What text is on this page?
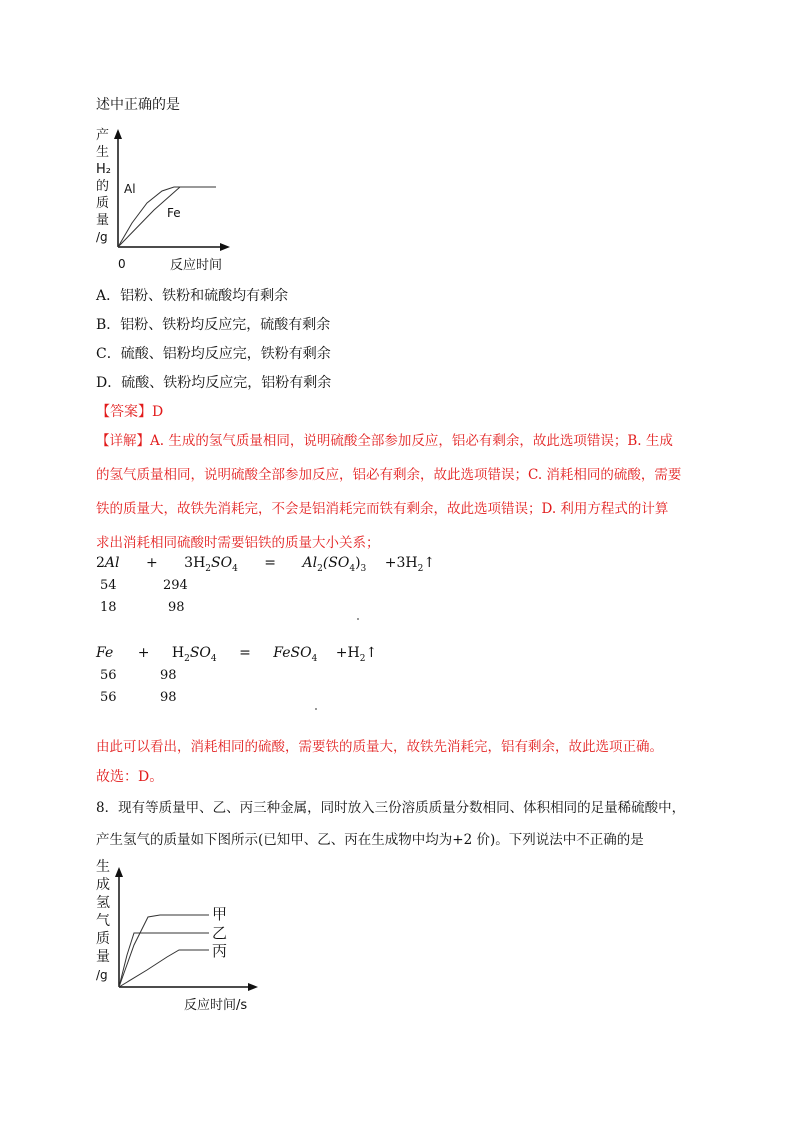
述中正确的是
产
生
H₂
的
质
量
/g
Al
Fe
0	反应时间
A．铝粉、铁粉和硫酸均有剩余
B．铝粉、铁粉均反应完，硫酸有剩余
C．硫酸、铝粉均反应完，铁粉有剩余
D．硫酸、铁粉均反应完，铝粉有剩余
【答案】D
【详解】A. 生成的氢气质量相同，说明硫酸全部参加反应，铝必有剩余，故此选项错误；B. 生成
的氢气质量相同，说明硫酸全部参加反应，铝必有剩余，故此选项错误；C. 消耗相同的硫酸，需要
铁的质量大，故铁先消耗完，不会是铝消耗完而铁有剩余，故此选项错误；D. 利用方程式的计算
求出消耗相同硫酸时需要铝铁的质量大小关系；
$2Al + 3H_2SO_4 = Al_2(SO_4)_3$ $+3H_2↑$
54	294
18	98
$Fe + H_2SO_4$ = FeSO$_4$ $+H_2↑$
56	98
56	98
由此可以看出，消耗相同的硫酸，需要铁的质量大，故铁先消耗完，铝有剩余，故此选项正确。
故选：D。
8．现有等质量甲、乙、丙三种金属，同时放入三份溶质质量分数相同、体积相同的足量稀硫酸中，
产生氢气的质量如下图所示(已知甲、乙、丙在生成物中均为+2 价)。下列说法中不正确的是
生
成
氢
气
质
量
/g
甲
乙
丙
反应时间/s
